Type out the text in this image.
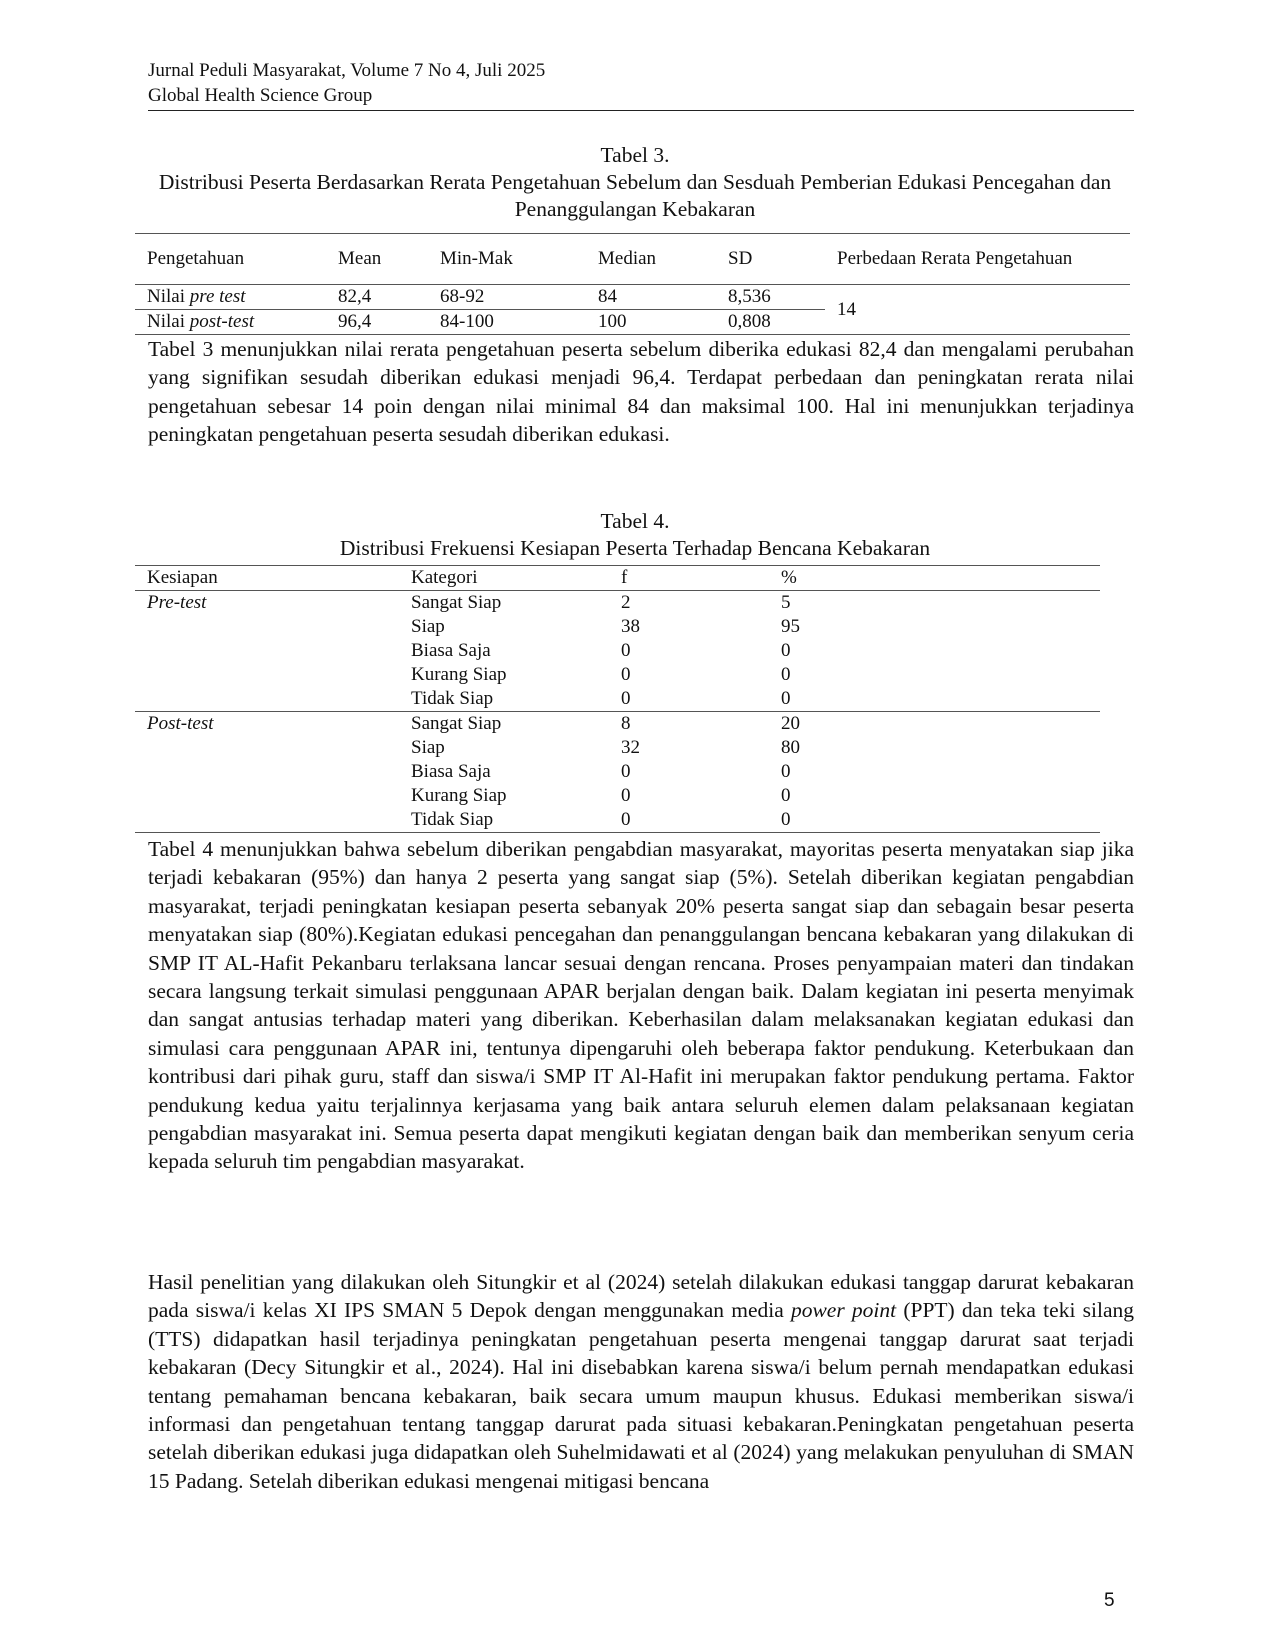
Jurnal Peduli Masyarakat, Volume 7 No 4, Juli 2025
Global Health Science Group
Tabel 3.
Distribusi Peserta Berdasarkan Rerata Pengetahuan Sebelum dan Sesduah Pemberian Edukasi Pencegahan dan Penanggulangan Kebakaran
Pengetahuan	Mean	Min-Mak	Median	SD	Perbedaan Rerata Pengetahuan
Nilai pre test	82,4	68-92	84	8,536	14
Nilai post-test	96,4	84-100	100	0,808	

Tabel 3 menunjukkan nilai rerata pengetahuan peserta sebelum diberika edukasi 82,4 dan mengalami perubahan yang signifikan sesudah diberikan edukasi menjadi 96,4. Terdapat perbedaan dan peningkatan rerata nilai pengetahuan sebesar 14 poin dengan nilai minimal 84 dan maksimal 100. Hal ini menunjukkan terjadinya peningkatan pengetahuan peserta sesudah diberikan edukasi.

Tabel 4.
Distribusi Frekuensi Kesiapan Peserta Terhadap Bencana Kebakaran
Kesiapan	Kategori	f	%
Pre-test	Sangat Siap	2	5
	Siap	38	95
	Biasa Saja	0	0
	Kurang Siap	0	0
	Tidak Siap	0	0
Post-test	Sangat Siap	8	20
	Siap	32	80
	Biasa Saja	0	0
	Kurang Siap	0	0
	Tidak Siap	0	0

Tabel 4 menunjukkan bahwa sebelum diberikan pengabdian masyarakat, mayoritas peserta menyatakan siap jika terjadi kebakaran (95%) dan hanya 2 peserta yang sangat siap (5%). Setelah diberikan kegiatan pengabdian masyarakat, terjadi peningkatan kesiapan peserta sebanyak 20% peserta sangat siap dan sebagain besar peserta menyatakan siap (80%).Kegiatan edukasi pencegahan dan penanggulangan bencana kebakaran yang dilakukan di SMP IT AL-Hafit Pekanbaru terlaksana lancar sesuai dengan rencana. Proses penyampaian materi dan tindakan secara langsung terkait simulasi penggunaan APAR berjalan dengan baik. Dalam kegiatan ini peserta menyimak dan sangat antusias terhadap materi yang diberikan. Keberhasilan dalam melaksanakan kegiatan edukasi dan simulasi cara penggunaan APAR ini, tentunya dipengaruhi oleh beberapa faktor pendukung. Keterbukaan dan kontribusi dari pihak guru, staff dan siswa/i SMP IT Al-Hafit ini merupakan faktor pendukung pertama. Faktor pendukung kedua yaitu terjalinnya kerjasama yang baik antara seluruh elemen dalam pelaksanaan kegiatan pengabdian masyarakat ini. Semua peserta dapat mengikuti kegiatan dengan baik dan memberikan senyum ceria kepada seluruh tim pengabdian masyarakat.

Hasil penelitian yang dilakukan oleh Situngkir et al (2024) setelah dilakukan edukasi tanggap darurat kebakaran pada siswa/i kelas XI IPS SMAN 5 Depok dengan menggunakan media power point (PPT) dan teka teki silang (TTS) didapatkan hasil terjadinya peningkatan pengetahuan peserta mengenai tanggap darurat saat terjadi kebakaran (Decy Situngkir et al., 2024). Hal ini disebabkan karena siswa/i belum pernah mendapatkan edukasi tentang pemahaman bencana kebakaran, baik secara umum maupun khusus. Edukasi memberikan siswa/i informasi dan pengetahuan tentang tanggap darurat pada situasi kebakaran.Peningkatan pengetahuan peserta setelah diberikan edukasi juga didapatkan oleh Suhelmidawati et al (2024) yang melakukan penyuluhan di SMAN 15 Padang. Setelah diberikan edukasi mengenai mitigasi bencana

5
